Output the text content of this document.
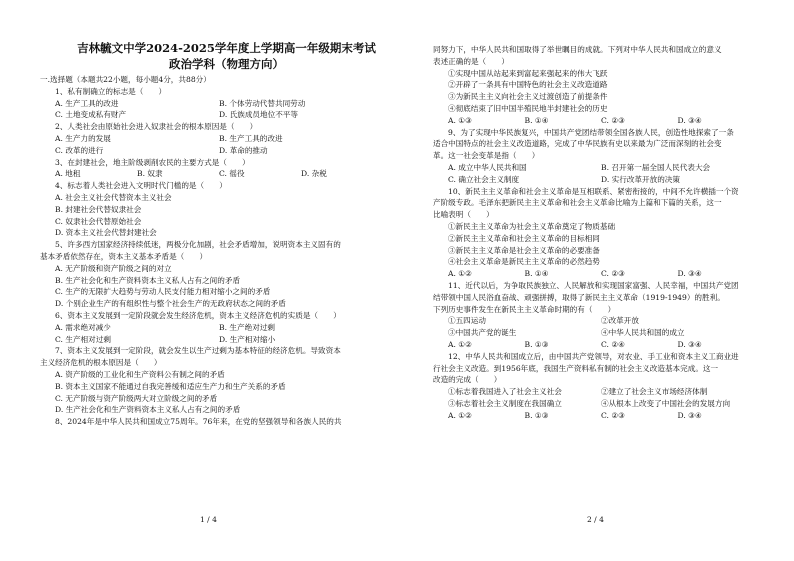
吉林毓文中学2024-2025学年度上学期高一年级期末考试
政治学科（物理方向）
一.选择题（本题共22小题，每小题4分，共88分）
1、私有制确立的标志是（　　）
A. 生产工具的改进	B. 个体劳动代替共同劳动
C. 土地变成私有财产	D. 氏族成员地位不平等
2、人类社会由原始社会进入奴隶社会的根本原因是（　　）
A. 生产力的发展	B. 生产工具的改进
C. 改革的进行	D. 革命的推动
3、在封建社会，地主阶级剥削农民的主要方式是（　　）
A. 地租	B. 奴隶	C. 徭役	D. 杂税
4、标志着人类社会进入文明时代门槛的是（　　）
A. 社会主义社会代替资本主义社会
B. 封建社会代替奴隶社会
C. 奴隶社会代替原始社会
D. 资本主义社会代替封建社会
5、许多西方国家经济持续低迷，两极分化加剧，社会矛盾增加，说明资本主义固有的
基本矛盾依然存在，资本主义基本矛盾是（　　）
A. 无产阶级和资产阶级之间的对立
B. 生产社会化和生产资料资本主义私人占有之间的矛盾
C. 生产的无限扩大趋势与劳动人民支付能力相对缩小之间的矛盾
D. 个别企业生产的有组织性与整个社会生产的无政府状态之间的矛盾
6、资本主义发展到一定阶段就会发生经济危机，资本主义经济危机的实质是（　　）
A. 需求绝对减少	B. 生产绝对过剩
C. 生产相对过剩	D. 生产相对缩小
7、资本主义发展到一定阶段，就会发生以生产过剩为基本特征的经济危机。导致资本
主义经济危机的根本原因是（　　）
A. 资产阶级的工业化和生产资料公有制之间的矛盾
B. 资本主义国家不能通过自我完善缓和适应生产力和生产关系的矛盾
C. 无产阶级与资产阶级两大对立阶级之间的矛盾
D. 生产社会化和生产资料资本主义私人占有之间的矛盾
8、2024年是中华人民共和国成立75周年。76年来，在党的坚强领导和各族人民的共
1 / 4
同努力下，中华人民共和国取得了举世瞩目的成就。下列对中华人民共和国成立的意义
表述正确的是（　　）
①实现中国从站起来到富起来强起来的伟大飞跃
②开辟了一条具有中国特色的社会主义改造道路
③为新民主主义向社会主义过渡创造了前提条件
④彻底结束了旧中国半殖民地半封建社会的历史
A. ①③	B. ①④	C. ②③	D. ③④
9、为了实现中华民族复兴，中国共产党团结带领全国各族人民，创造性地探索了一条
适合中国特点的社会主义改造道路，完成了中华民族有史以来最为广泛而深刻的社会变
革。这一社会变革是指（　　）
A. 成立中华人民共和国	B. 召开第一届全国人民代表大会
C. 确立社会主义制度	D. 实行改革开放的决策
10、新民主主义革命和社会主义革命是互相联系、紧密衔接的，中间不允许横插一个资
产阶级专政。毛泽东把新民主主义革命和社会主义革命比喻为上篇和下篇的关系，这一
比喻表明（　　）
①新民主主义革命为社会主义革命奠定了物质基础
②新民主主义革命和社会主义革命的目标相同
③新民主主义革命是社会主义革命的必要准备
④社会主义革命是新民主主义革命的必然趋势
A. ①②	B. ①④	C. ②③	D. ③④
11、近代以后，为争取民族独立、人民解放和实现国家富强、人民幸福，中国共产党团
结带领中国人民浴血奋战、顽强拼搏，取得了新民主主义革命（1919-1949）的胜利。
下列历史事件发生在新民主主义革命时期的有（　　）
①五四运动	②改革开放
③中国共产党的诞生	④中华人民共和国的成立
A. ①②	B. ①③	C. ②④	D. ③④
12、中华人民共和国成立后，由中国共产党领导，对农业、手工业和资本主义工商业进
行社会主义改造。到1956年底，我国生产资料私有制的社会主义改造基本完成。这一
改造的完成（　　）
①标志着我国进入了社会主义社会	②建立了社会主义市场经济体制
③标志着社会主义制度在我国确立	④从根本上改变了中国社会的发展方向
A. ①②	B. ①③	C. ②③	D. ③④
2 / 4
